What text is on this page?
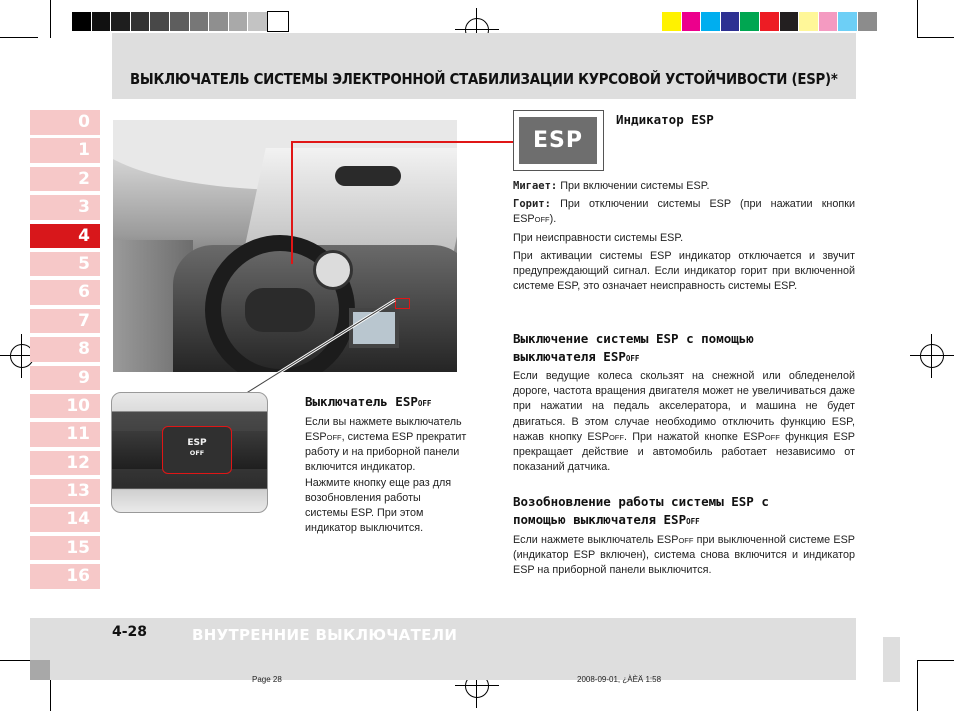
ВЫКЛЮЧАТЕЛЬ СИСТЕМЫ ЭЛЕКТРОННОЙ СТАБИЛИЗАЦИИ КУРСОВОЙ УСТОЙЧИВОСТИ (ESP)*
0
1
2
3
4
5
6
7
8
9
10
11
12
13
14
15
16
ESP
OFF
Выключатель ESPOFF
Если вы нажмете выключатель ESPOFF, система ESP прекратит работу и на приборной панели включится индикатор.
Нажмите кнопку еще раз для возобновления работы системы ESP. При этом индикатор выключится.
ESP
Индикатор ESP
Мигает: При включении системы ESP.
Горит: При отключении системы ESP (при нажатии кнопки ESPOFF).
При неисправности системы ESP.
При активации системы ESP индикатор отключается и звучит предупреждающий сигнал. Если индикатор горит при включенной системе ESP, это означает неисправность системы ESP.
Выключение системы ESP с помощью
выключателя ESPOFF
Если ведущие колеса скользят на снежной или обледенелой дороге, частота вращения двигателя может не увеличиваться даже при нажатии на педаль акселератора, и машина не будет двигаться. В этом случае необходимо отключить функцию ESP, нажав кнопку ESPOFF. При нажатой кнопке ESPOFF функция ESP прекращает действие и автомобиль работает независимо от показаний датчика.
Возобновление работы системы ESP с
помощью выключателя ESPOFF
Если нажмете выключатель ESPOFF при выключенной системе ESP (индикатор ESP включен), система снова включится и индикатор ESP на приборной панели выключится.
4-28	ВНУТРЕННИЕ ВЫКЛЮЧАТЕЛИ
Page 28	2008-09-01, ¿ÀÈÄ 1:58
